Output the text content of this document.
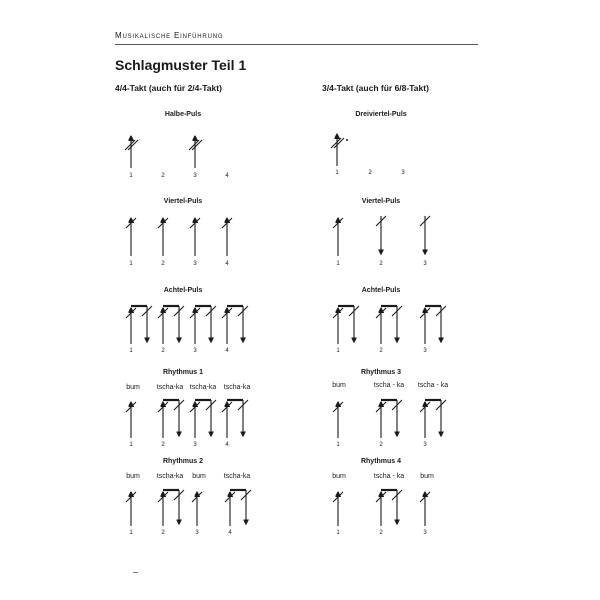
Musikalische Einführung
Schlagmuster Teil 1
4/4-Takt (auch für 2/4-Takt)	3/4-Takt (auch für 6/8-Takt)
Halbe-Puls
1	2	3	4
Viertel-Puls
1	2	3	4
Achtel-Puls
1	2	3	4
Rhythmus 1
bum tscha-ka tscha-ka tscha-ka
1	2	3	4
Rhythmus 2
bum tscha-ka bum	tscha-ka
1	2	3	4
Dreiviertel-Puls
1	2	3
Viertel-Puls
1	2	3
Achtel-Puls
1	2	3
Rhythmus 3
bum	tscha - ka tscha - ka
1	2	3
Rhythmus 4
bum	tscha - ka bum
1	2	3
